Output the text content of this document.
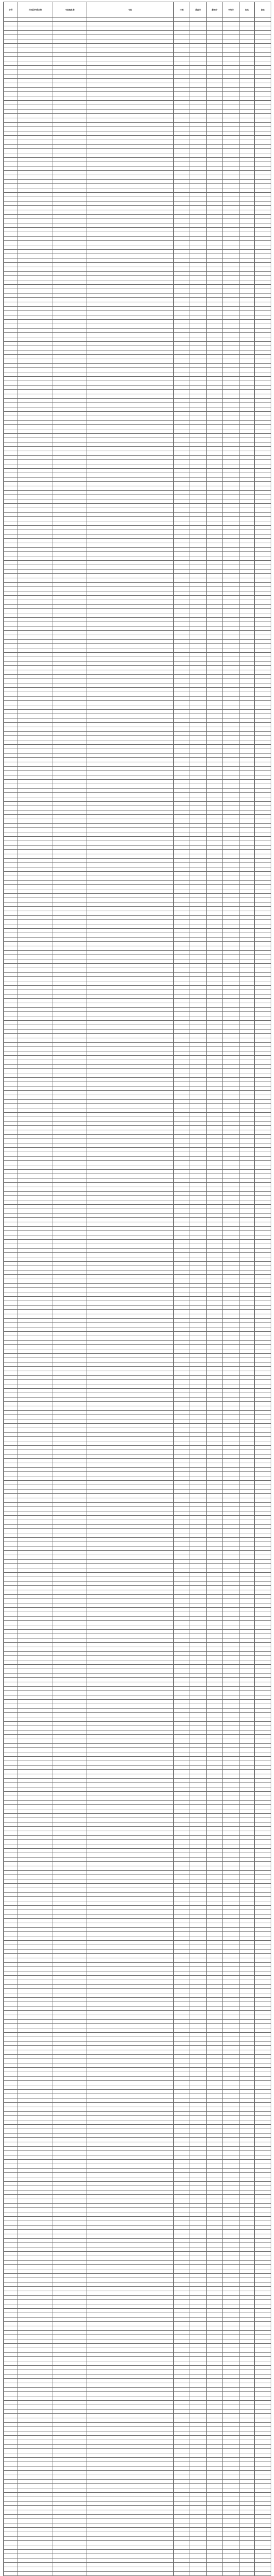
序号	考试院代码名称	专业组名称	专业	计划	最高分	最低分	平均分	位次	备注
